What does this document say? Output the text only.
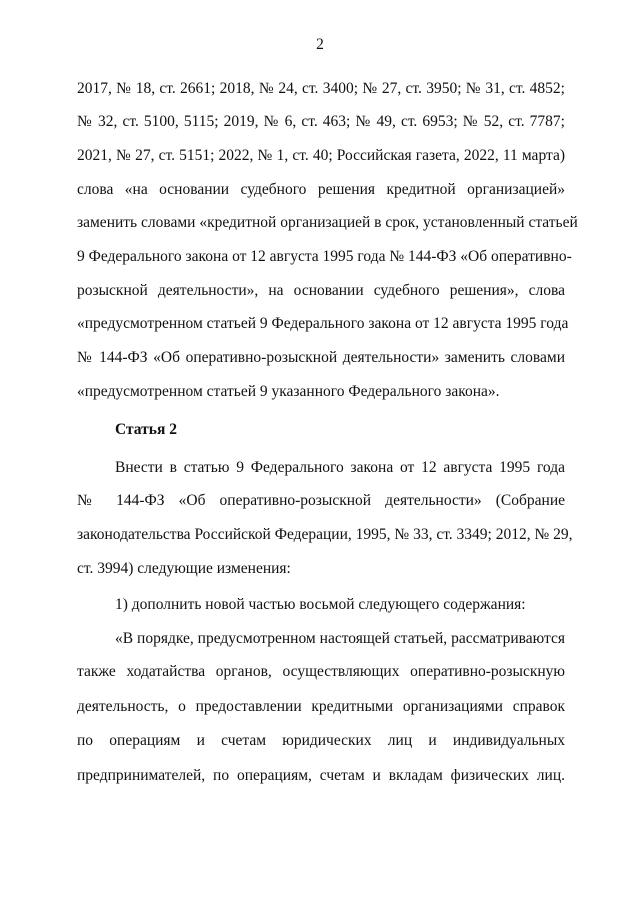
2
2017, № 18, ст. 2661; 2018, № 24, ст. 3400; № 27, ст. 3950; № 31, ст. 4852;
№ 32, ст. 5100, 5115; 2019, № 6, ст. 463; № 49, ст. 6953; № 52, ст. 7787;
2021, № 27, ст. 5151; 2022, № 1, ст. 40; Российская газета, 2022, 11 марта)
слова «на основании судебного решения кредитной организацией»
заменить словами «кредитной организацией в срок, установленный статьей
9 Федерального закона от 12 августа 1995 года № 144-ФЗ «Об оперативно-
розыскной деятельности», на основании судебного решения», слова
«предусмотренном статьей 9 Федерального закона от 12 августа 1995 года
№ 144-ФЗ «Об оперативно-розыскной деятельности» заменить словами
«предусмотренном статьей 9 указанного Федерального закона».
Статья 2
Внести в статью 9 Федерального закона от 12 августа 1995 года
№ 144-ФЗ «Об оперативно-розыскной деятельности» (Собрание
законодательства Российской Федерации, 1995, № 33, ст. 3349; 2012, № 29,
ст. 3994) следующие изменения:
1) дополнить новой частью восьмой следующего содержания:
«В порядке, предусмотренном настоящей статьей, рассматриваются
также ходатайства органов, осуществляющих оперативно-розыскную
деятельность, о предоставлении кредитными организациями справок
по операциям и счетам юридических лиц и индивидуальных
предпринимателей, по операциям, счетам и вкладам физических лиц.
